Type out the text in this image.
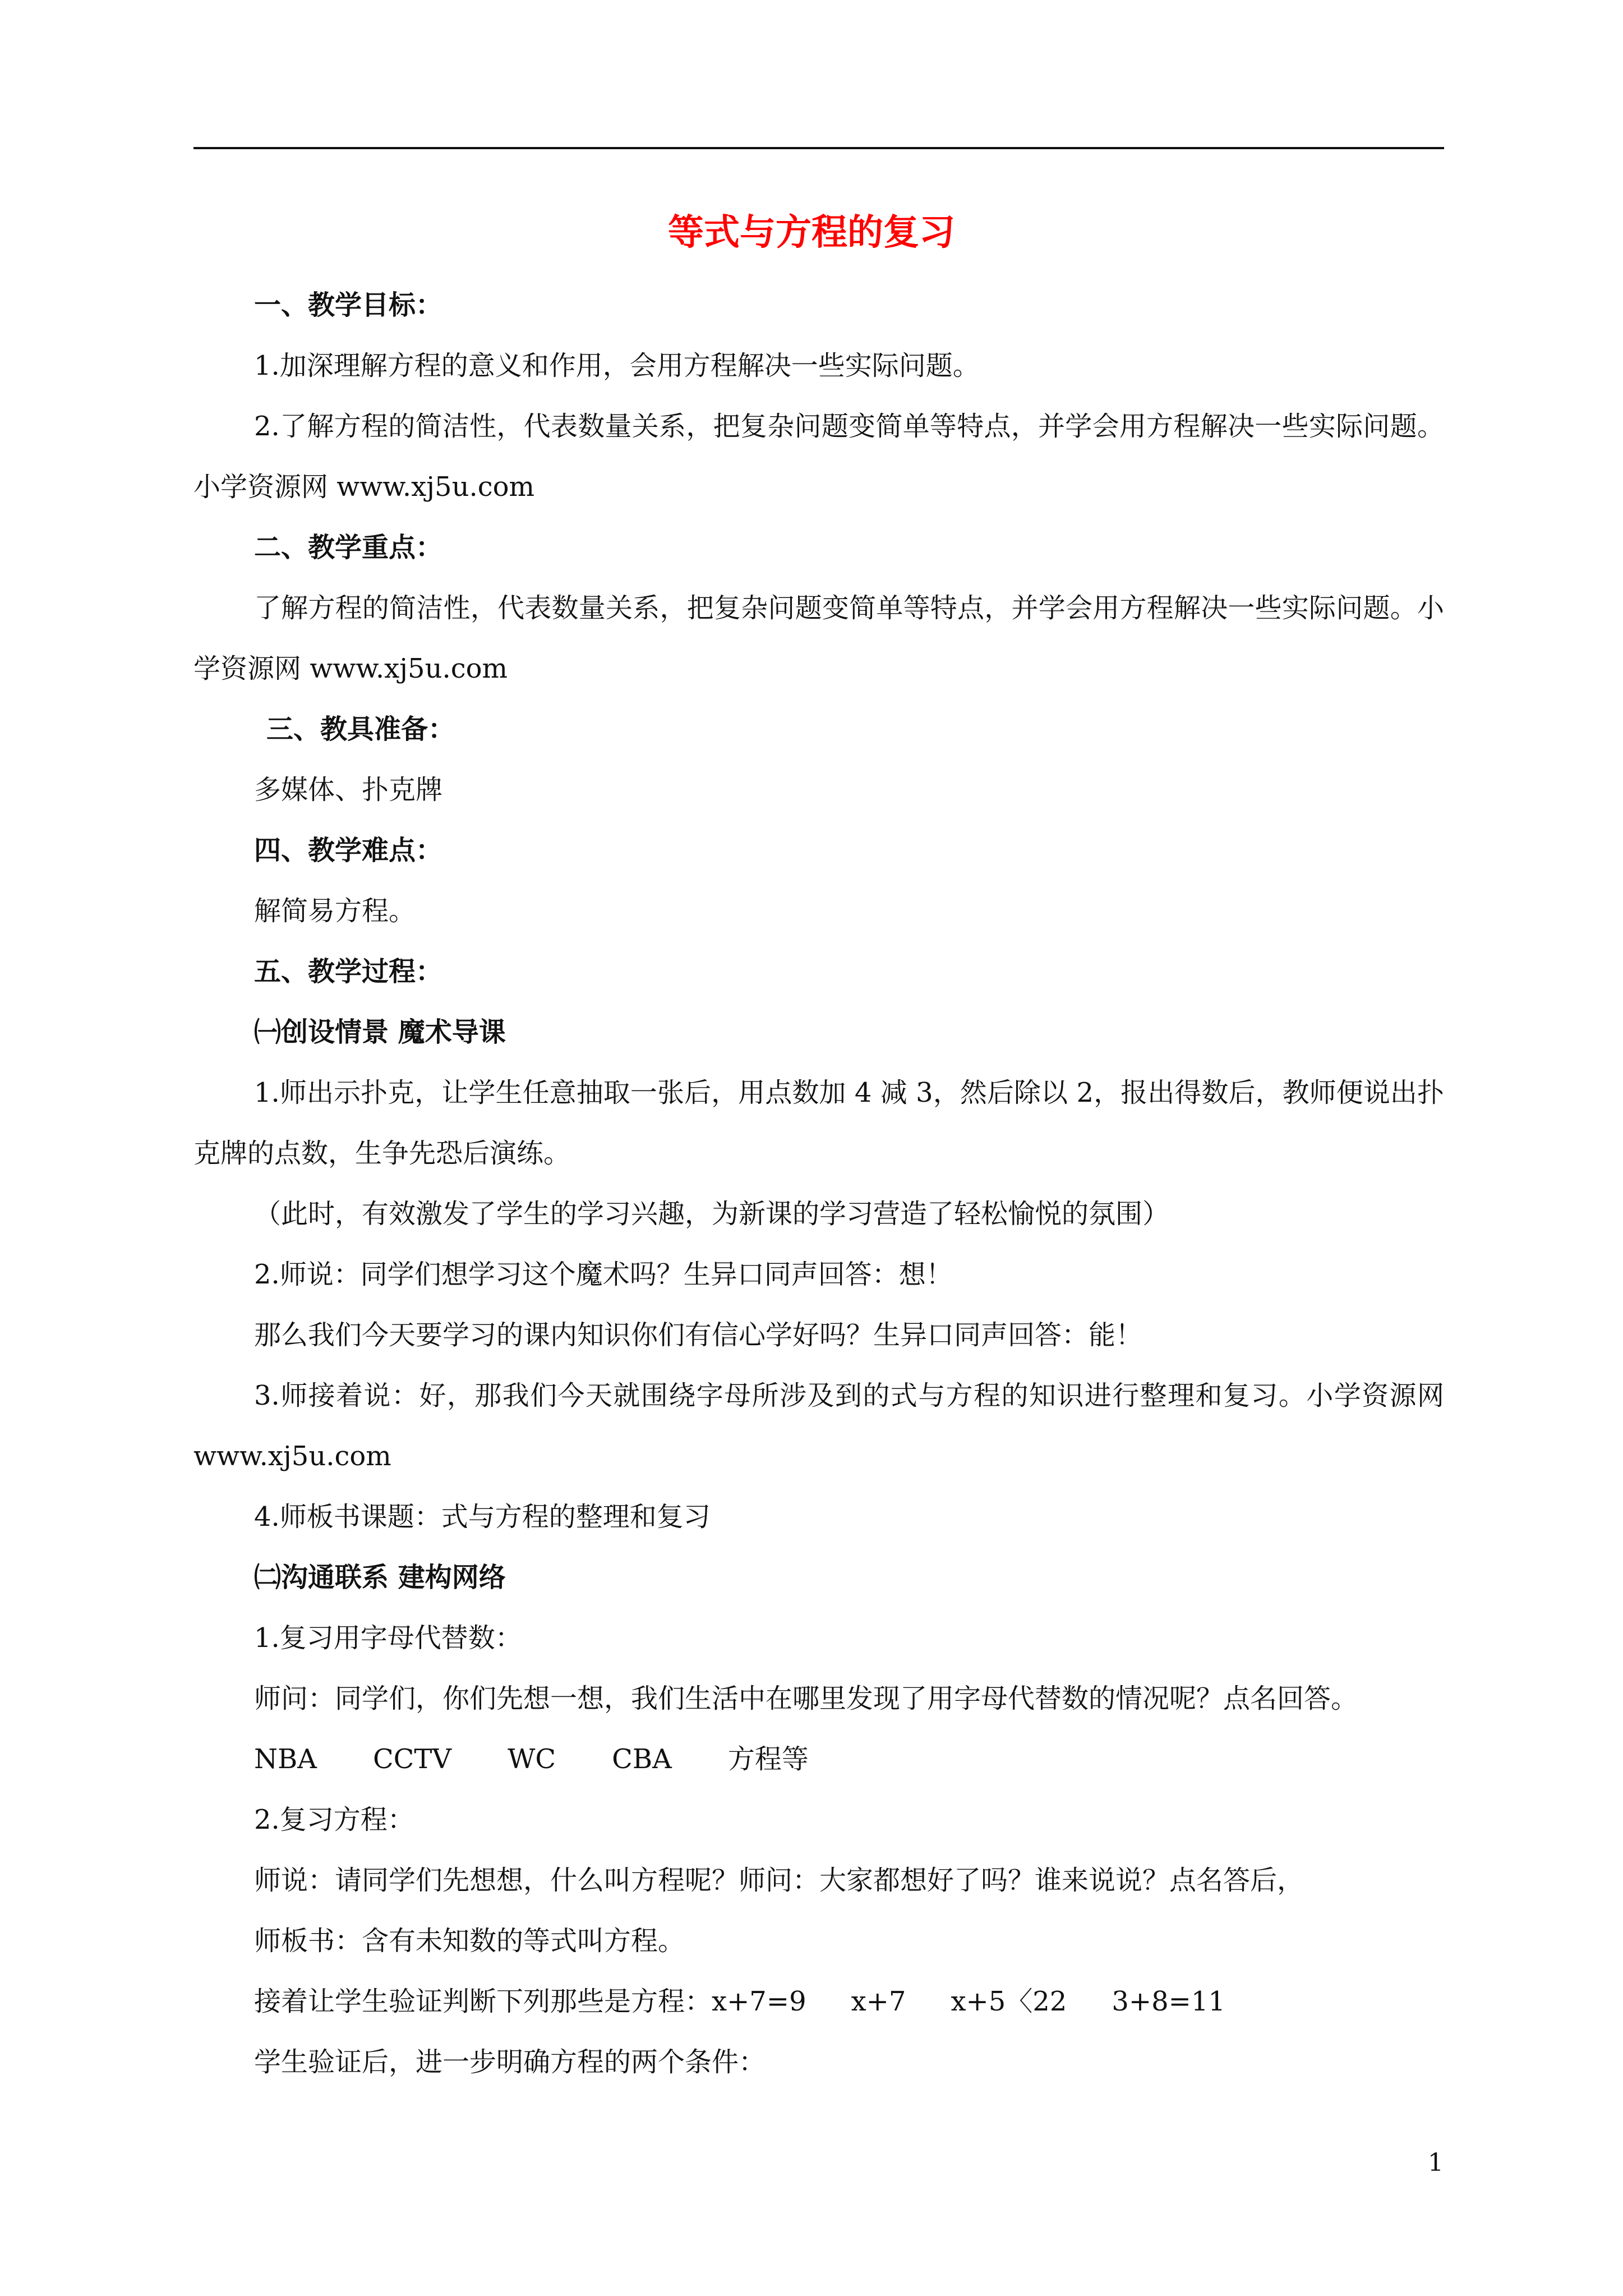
等式与方程的复习

一、教学目标：

1.加深理解方程的意义和作用，会用方程解决一些实际问题。

2.了解方程的简洁性，代表数量关系，把复杂问题变简单等特点，并学会用方程解决一些实际问题。小学资源网 www.xj5u.com

二、教学重点：

了解方程的简洁性，代表数量关系，把复杂问题变简单等特点，并学会用方程解决一些实际问题。小学资源网 www.xj5u.com

三、教具准备：

多媒体、扑克牌

四、教学难点：

解简易方程。

五、教学过程：

㈠创设情景 魔术导课

1.师出示扑克，让学生任意抽取一张后，用点数加 4 减 3，然后除以 2，报出得数后，教师便说出扑克牌的点数，生争先恐后演练。

（此时，有效激发了学生的学习兴趣，为新课的学习营造了轻松愉悦的氛围）

2.师说：同学们想学习这个魔术吗？生异口同声回答：想！

那么我们今天要学习的课内知识你们有信心学好吗？生异口同声回答：能！

3.师接着说：好，那我们今天就围绕字母所涉及到的式与方程的知识进行整理和复习。小学资源网 www.xj5u.com

4.师板书课题：式与方程的整理和复习

㈡沟通联系 建构网络

1.复习用字母代替数：

师问：同学们，你们先想一想，我们生活中在哪里发现了用字母代替数的情况呢？点名回答。

NBA CCTV WC CBA 方程等

2.复习方程：

师说：请同学们先想想，什么叫方程呢？师问：大家都想好了吗？谁来说说？点名答后，

师板书：含有未知数的等式叫方程。

接着让学生验证判断下列那些是方程：x+7=9 x+7 x+5〈22 3+8=11

学生验证后，进一步明确方程的两个条件：

1
